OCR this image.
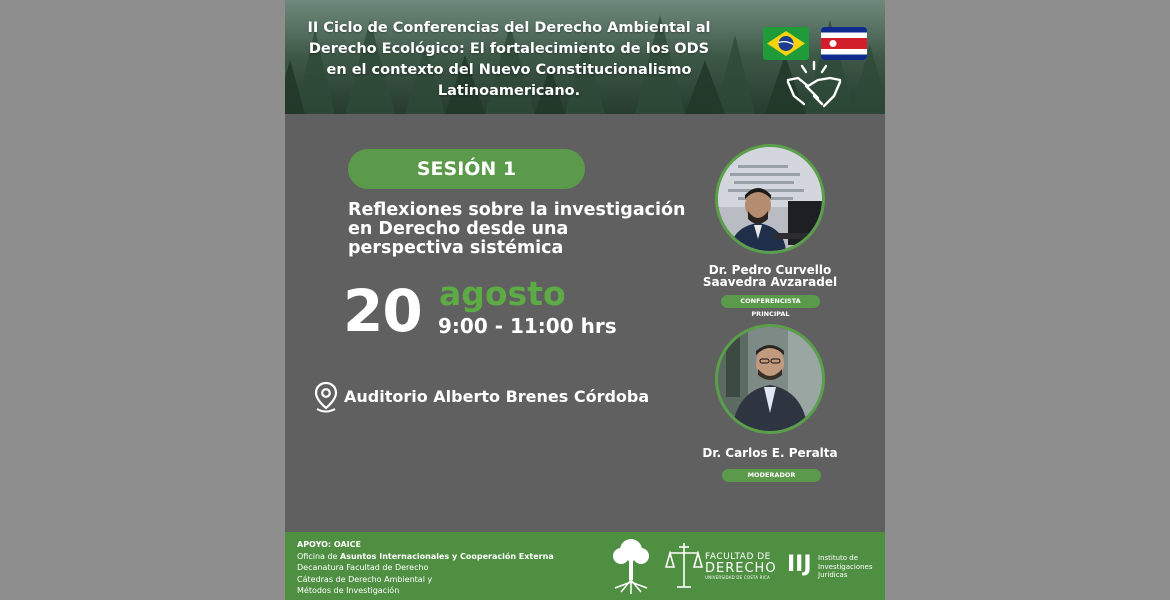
II Ciclo de Conferencias del Derecho Ambiental al Derecho Ecológico: El fortalecimiento de los ODS en el contexto del Nuevo Constitucionalismo Latinoamericano.
SESIÓN 1
Reflexiones sobre la investigación en Derecho desde una perspectiva sistémica
20 agosto
9:00 - 11:00 hrs
Auditorio Alberto Brenes Córdoba
Dr. Pedro Curvello Saavedra Avzaradel
CONFERENCISTA PRINCIPAL
Dr. Carlos E. Peralta
MODERADOR
APOYO: OAICE
Oficina de Asuntos Internacionales y Cooperación Externa
Decanatura Facultad de Derecho
Cátedras de Derecho Ambiental y
Métodos de Investigación
FACULTAD DE
DERECHO
UNIVERSIDAD DE COSTA RICA
IIJ Instituto de
Investigaciones
Jurídicas
